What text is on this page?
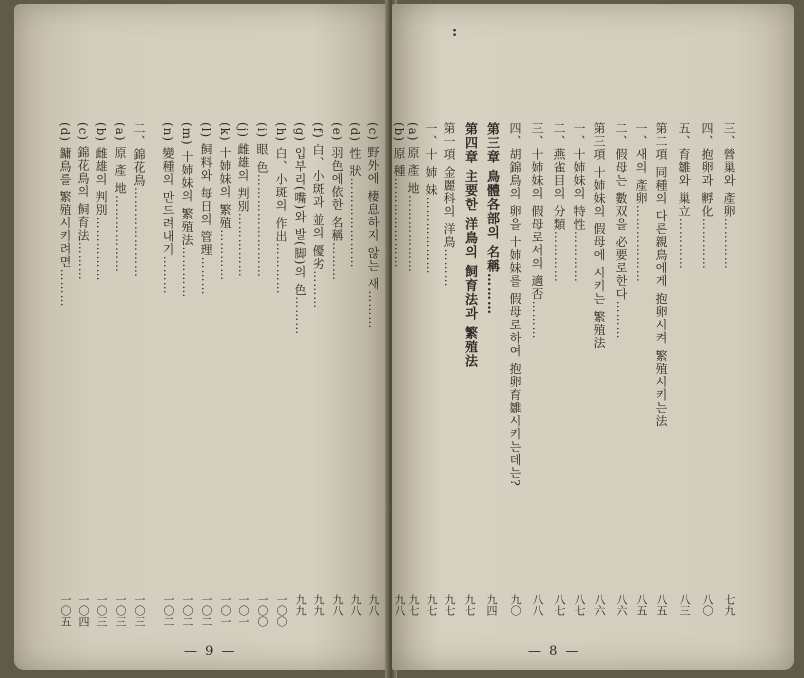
(c) 野外에 棲息하지 않는 새………
九八
(d) 性 狀…………………
九八
(e) 羽色에依한 名稱………
九八
(f) 白、小斑과 並의 優劣………
九九
(g) 입부리(嘴)와 발(脚)의 色………
九九
(h) 白、小斑의 作出…………
一〇〇
(i) 眼 色……………………
一〇〇
(j) 雌雄의 判別……………
一〇一
(k) 十姉妹의 繁殖…………
一〇一
(l) 飼料와 每日의 管理………
一〇二
(m) 十姉妹의 繁殖法…………
一〇二
(n) 變種의 만드려내기………
一〇二
二、錦花鳥…………………
一〇三
(a) 原 產 地………………
一〇三
(b) 雌雄의 判別……………
一〇三
(c) 錦花鳥의 飼育法………
一〇四
(d) 鏞鳥를 繁殖시키려면………
一〇五
— 9 —
三、營巢와 產卵…………
七九
四、抱卵과 孵化…………
八〇
五、育雛와 巢立…………
八三
第二項 同種의 다른親鳥에게 抱卵시켜 繁殖시키는法
八五
一、새의 產卵………………
八五
二、假母는 數双을 必要로한다………
八六
第三項 十姉妹의 假母에 시키는 繁殖法
八六
一、十姉妹의 特性…………
八七
二、燕雀目의 分類…………
八七
三、十姉妹의 假母로서의 適否………
八八
四、胡錦鳥의 卵을 十姉妹를 假母로하여 抱卵育雛시키는데는?
九〇
第三章 鳥體各部의 名稱………
九四
第四章 主要한 洋鳥의 飼育法과 繁殖法
九七
第一項 金麗科의 洋鳥………
九七
一、十 姉 妹………………
九七
(a) 原 產 地………………
九七
(b) 原 種…………………
九八
:
— 8 —
